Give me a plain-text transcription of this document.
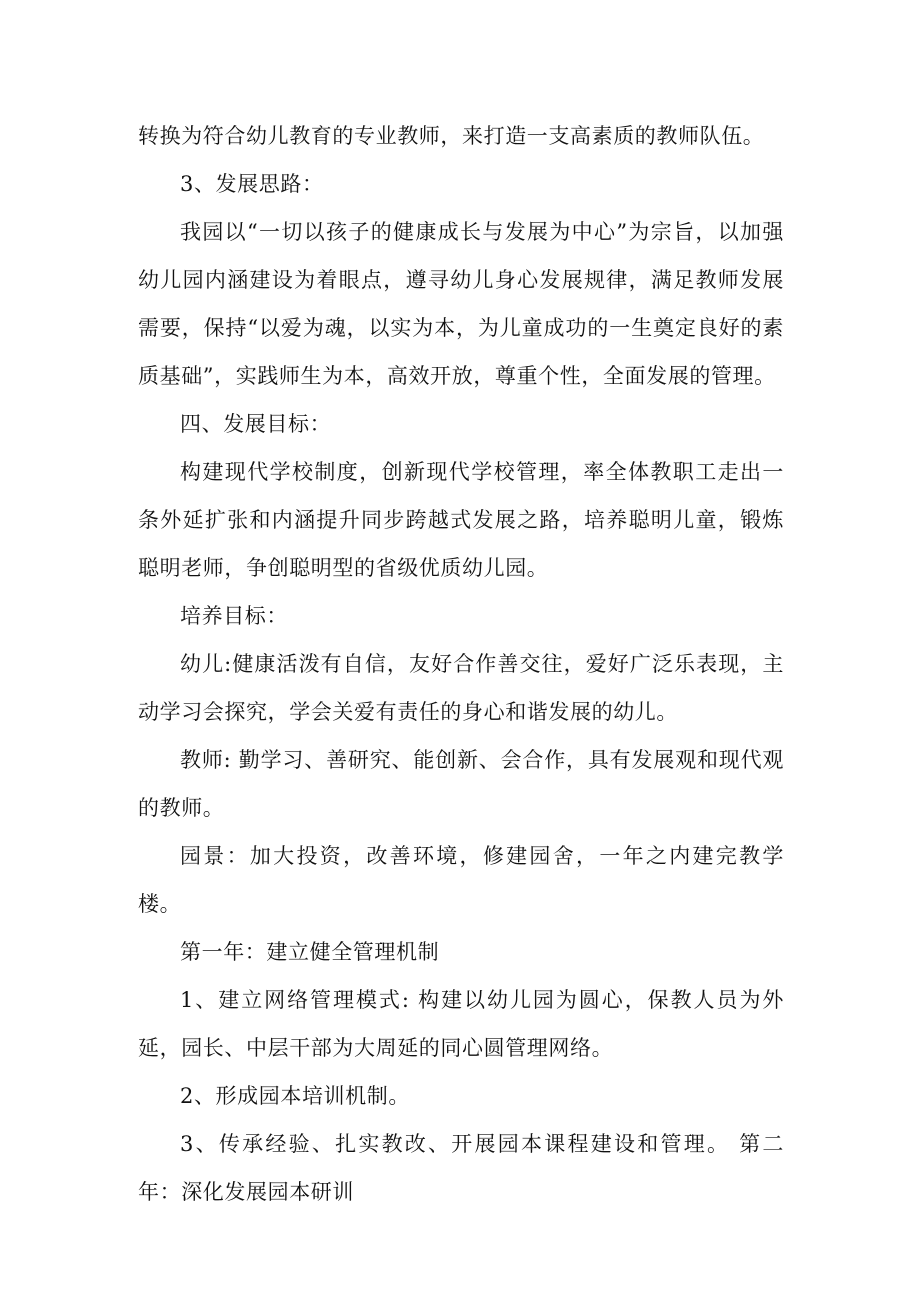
转换为符合幼儿教育的专业教师，来打造一支高素质的教师队伍。

3、发展思路：

我园以“一切以孩子的健康成长与发展为中心”为宗旨，以加强幼儿园内涵建设为着眼点，遵寻幼儿身心发展规律，满足教师发展需要，保持“以爱为魂，以实为本，为儿童成功的一生奠定良好的素质基础”，实践师生为本，高效开放，尊重个性，全面发展的管理。

四、发展目标：

构建现代学校制度，创新现代学校管理，率全体教职工走出一条外延扩张和内涵提升同步跨越式发展之路，培养聪明儿童，锻炼聪明老师，争创聪明型的省级优质幼儿园。

培养目标：

幼儿:健康活泼有自信，友好合作善交往，爱好广泛乐表现，主动学习会探究，学会关爱有责任的身心和谐发展的幼儿。

教师: 勤学习、善研究、能创新、会合作，具有发展观和现代观的教师。

园景：加大投资，改善环境，修建园舍，一年之内建完教学楼。

第一年：建立健全管理机制

1、建立网络管理模式: 构建以幼儿园为圆心，保教人员为外延，园长、中层干部为大周延的同心圆管理网络。

2、形成园本培训机制。

3、传承经验、扎实教改、开展园本课程建设和管理。 第二年：深化发展园本研训
